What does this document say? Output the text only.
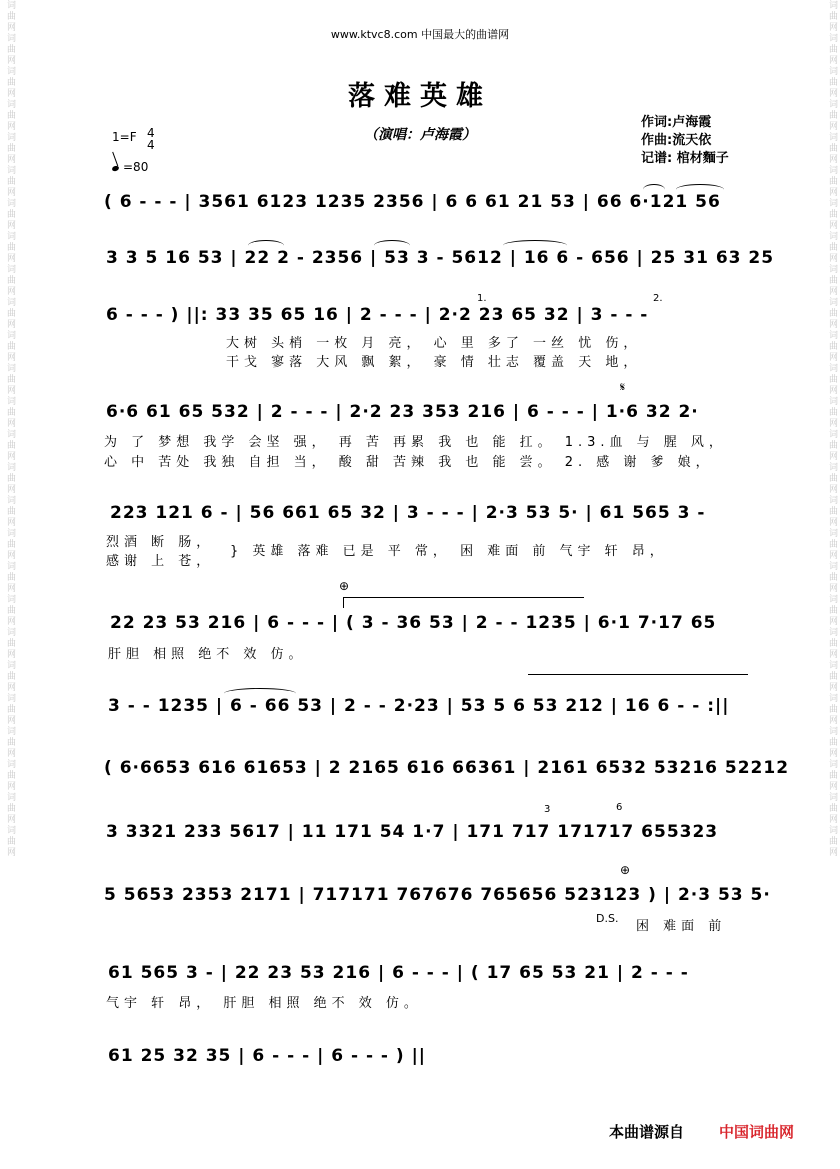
词曲网词曲网词曲网词曲网词曲网词曲网词曲网词曲网词曲网词曲网词曲网词曲网词曲网词曲网词曲网词曲网词曲网词曲网词曲网词曲网词曲网词曲网词曲网词曲网词曲网词曲网	词曲网词曲网词曲网词曲网词曲网词曲网词曲网词曲网词曲网词曲网词曲网词曲网词曲网词曲网词曲网词曲网词曲网词曲网词曲网词曲网词曲网词曲网词曲网词曲网词曲网词曲网
www.ktvc8.com 中国最大的曲谱网
落难英雄
（演唱：卢海霞）
作词:卢海霞
作曲:流天依
记谱: 棺材麵子
1=F 4
4
=80
( 6 - - - | 3561 6123 1235 2356 | 6 6 61 21 53 | 66 6·121 56
3 3 5 16 53 | 22 2 - 2356 | 53 3 - 5612 | 16 6 - 656 | 25 31 63 25
6 - - - ) ||: 33 35 65 16 | 2 - - - | 2·2 23 65 32 | 3 - - -
1.	2.
大树 头梢 一枚 月 亮， 心 里 多了 一丝 忧 伤，
干戈 寥落 大风 飘 絮， 豪 情 壮志 覆盖 天 地，
6·6 61 65 532 | 2 - - - | 2·2 23 353 216 | 6 - - - | 1·6 32 2·
𝄋
为 了 梦想 我学 会坚 强， 再 苦 再累 我 也 能 扛。 1.3.血 与 腥 风，
心 中 苦处 我独 自担 当， 酸 甜 苦辣 我 也 能 尝。 2. 感 谢 爹 娘，
223 121 6 - | 56 661 65 32 | 3 - - - | 2·3 53 5· | 61 565 3 -
烈酒 断 肠，
感谢 上 苍，
} 英雄 落难 已是 平 常， 困 难面 前 气宇 轩 昂，
22 23 53 216 | 6 - - - | ( 3 - 36 53 | 2 - - 1235 | 6·1 7·17 65
⊕
肝胆 相照 绝不 效 仿。
3 - - 1235 | 6 - 66 53 | 2 - - 2·23 | 53 5 6 53 212 | 16 6 - - :||
( 6·6653 616 61653 | 2 2165 616 66361 | 2161 6532 53216 52212
3 3321 233 5617 | 11 171 54 1·7 | 171 717 171717 655323
3	6
5 5653 2353 2171 | 717171 767676 765656 523123 ) | 2·3 53 5·
D.S.
⊕
困 难面 前
61 565 3 - | 22 23 53 216 | 6 - - - | ( 17 65 53 21 | 2 - - -
气宇 轩 昂， 肝胆 相照 绝不 效 仿。
61 25 32 35 | 6 - - - | 6 - - - ) ||
本曲谱源自 中国词曲网
